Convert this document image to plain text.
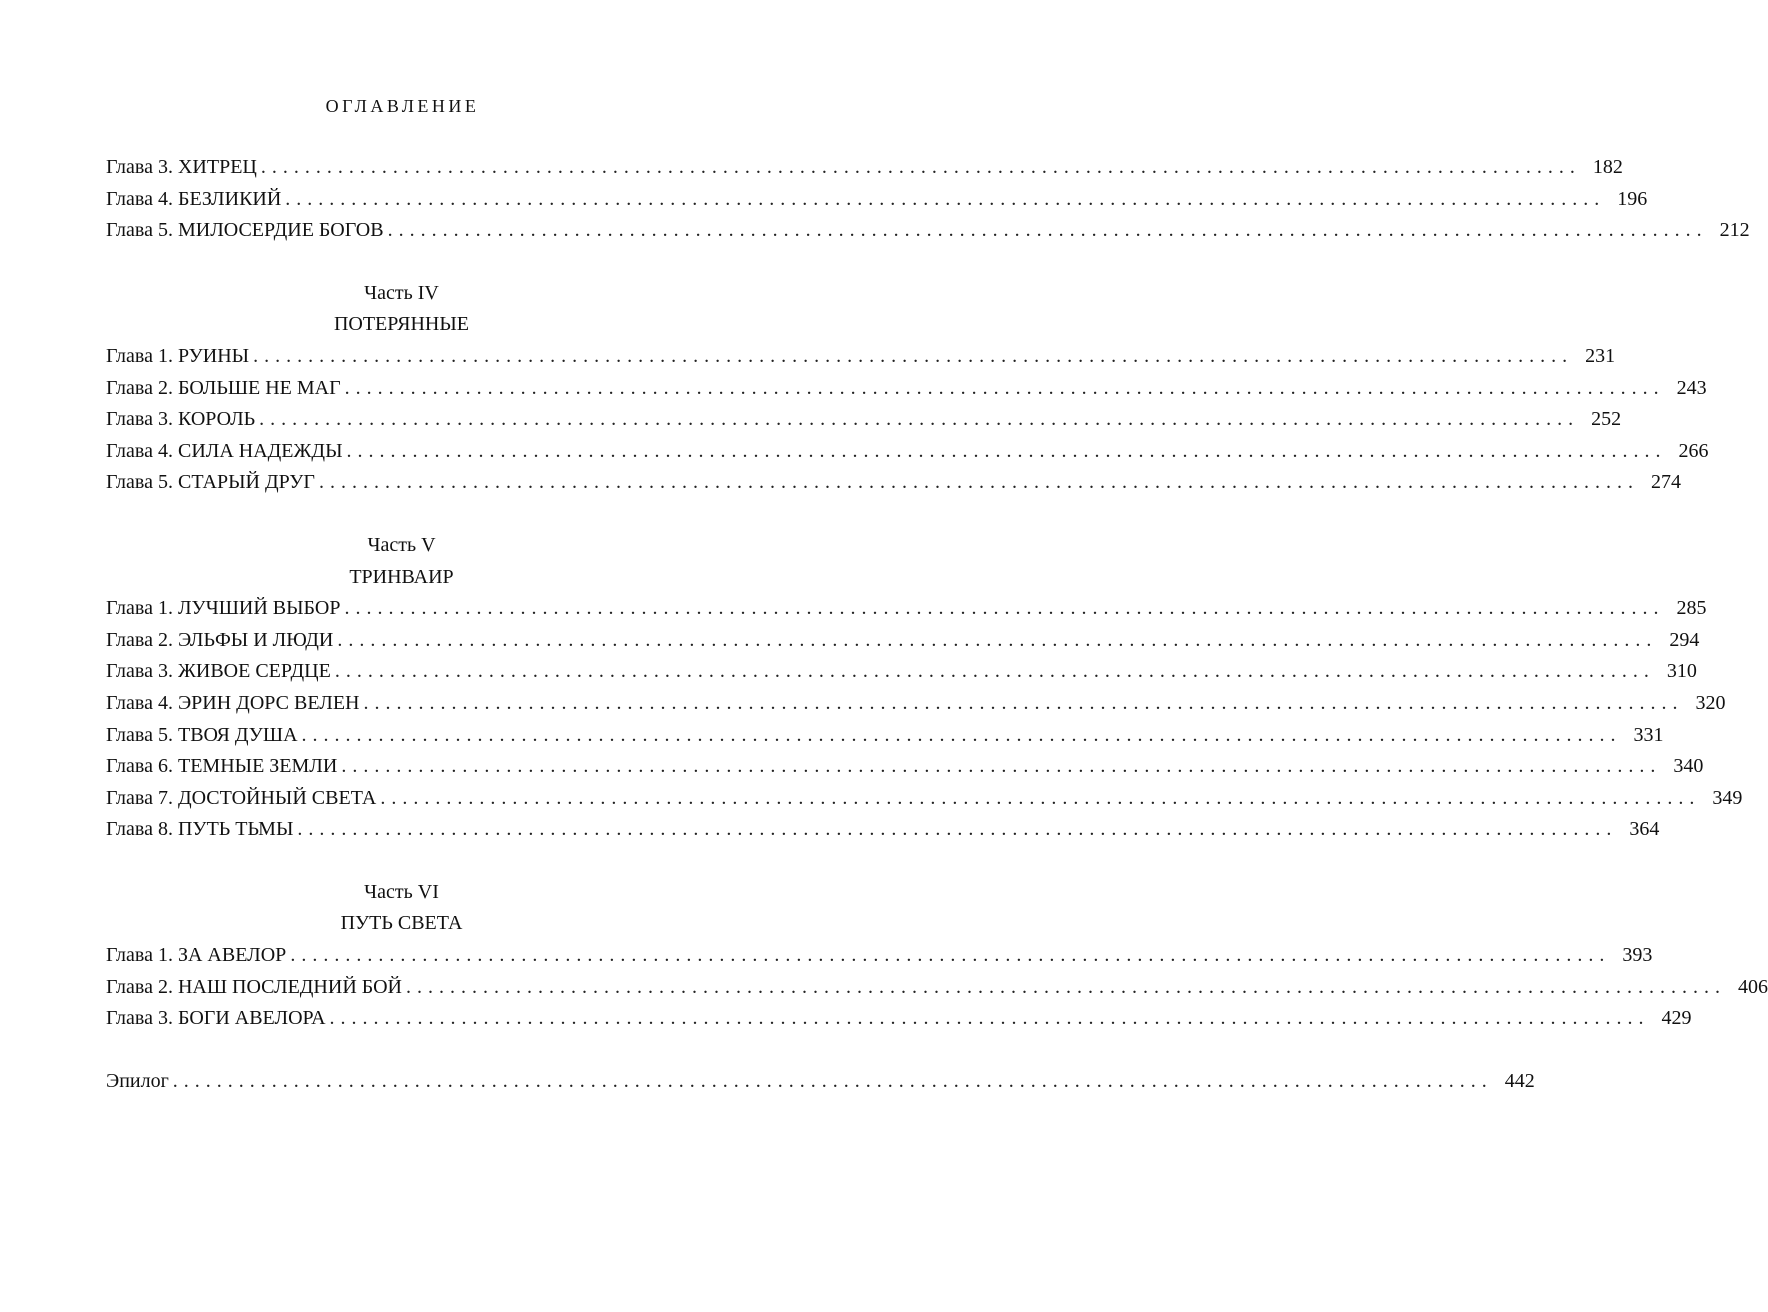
ОГЛАВЛЕНИЕ
Глава 3. ХИТРЕЦ ........................................................................................................................ 182
Глава 4. БЕЗЛИКИЙ ........................................................................................................................ 196
Глава 5. МИЛОСЕРДИЕ БОГОВ ........................................................................................................................ 212
Часть IV
ПОТЕРЯННЫЕ
Глава 1. РУИНЫ ........................................................................................................................ 231
Глава 2. БОЛЬШЕ НЕ МАГ ........................................................................................................................ 243
Глава 3. КОРОЛЬ ........................................................................................................................ 252
Глава 4. СИЛА НАДЕЖДЫ ........................................................................................................................ 266
Глава 5. СТАРЫЙ ДРУГ ........................................................................................................................ 274
Часть V
ТРИНВАИР
Глава 1. ЛУЧШИЙ ВЫБОР ........................................................................................................................ 285
Глава 2. ЭЛЬФЫ И ЛЮДИ ........................................................................................................................ 294
Глава 3. ЖИВОЕ СЕРДЦЕ ........................................................................................................................ 310
Глава 4. ЭРИН ДОРС ВЕЛЕН ........................................................................................................................ 320
Глава 5. ТВОЯ ДУША ........................................................................................................................ 331
Глава 6. ТЕМНЫЕ ЗЕМЛИ ........................................................................................................................ 340
Глава 7. ДОСТОЙНЫЙ СВЕТА ........................................................................................................................ 349
Глава 8. ПУТЬ ТЬМЫ ........................................................................................................................ 364
Часть VI
ПУТЬ СВЕТА
Глава 1. ЗА АВЕЛОР ........................................................................................................................ 393
Глава 2. НАШ ПОСЛЕДНИЙ БОЙ ........................................................................................................................ 406
Глава 3. БОГИ АВЕЛОРА ........................................................................................................................ 429
Эпилог ........................................................................................................................ 442
